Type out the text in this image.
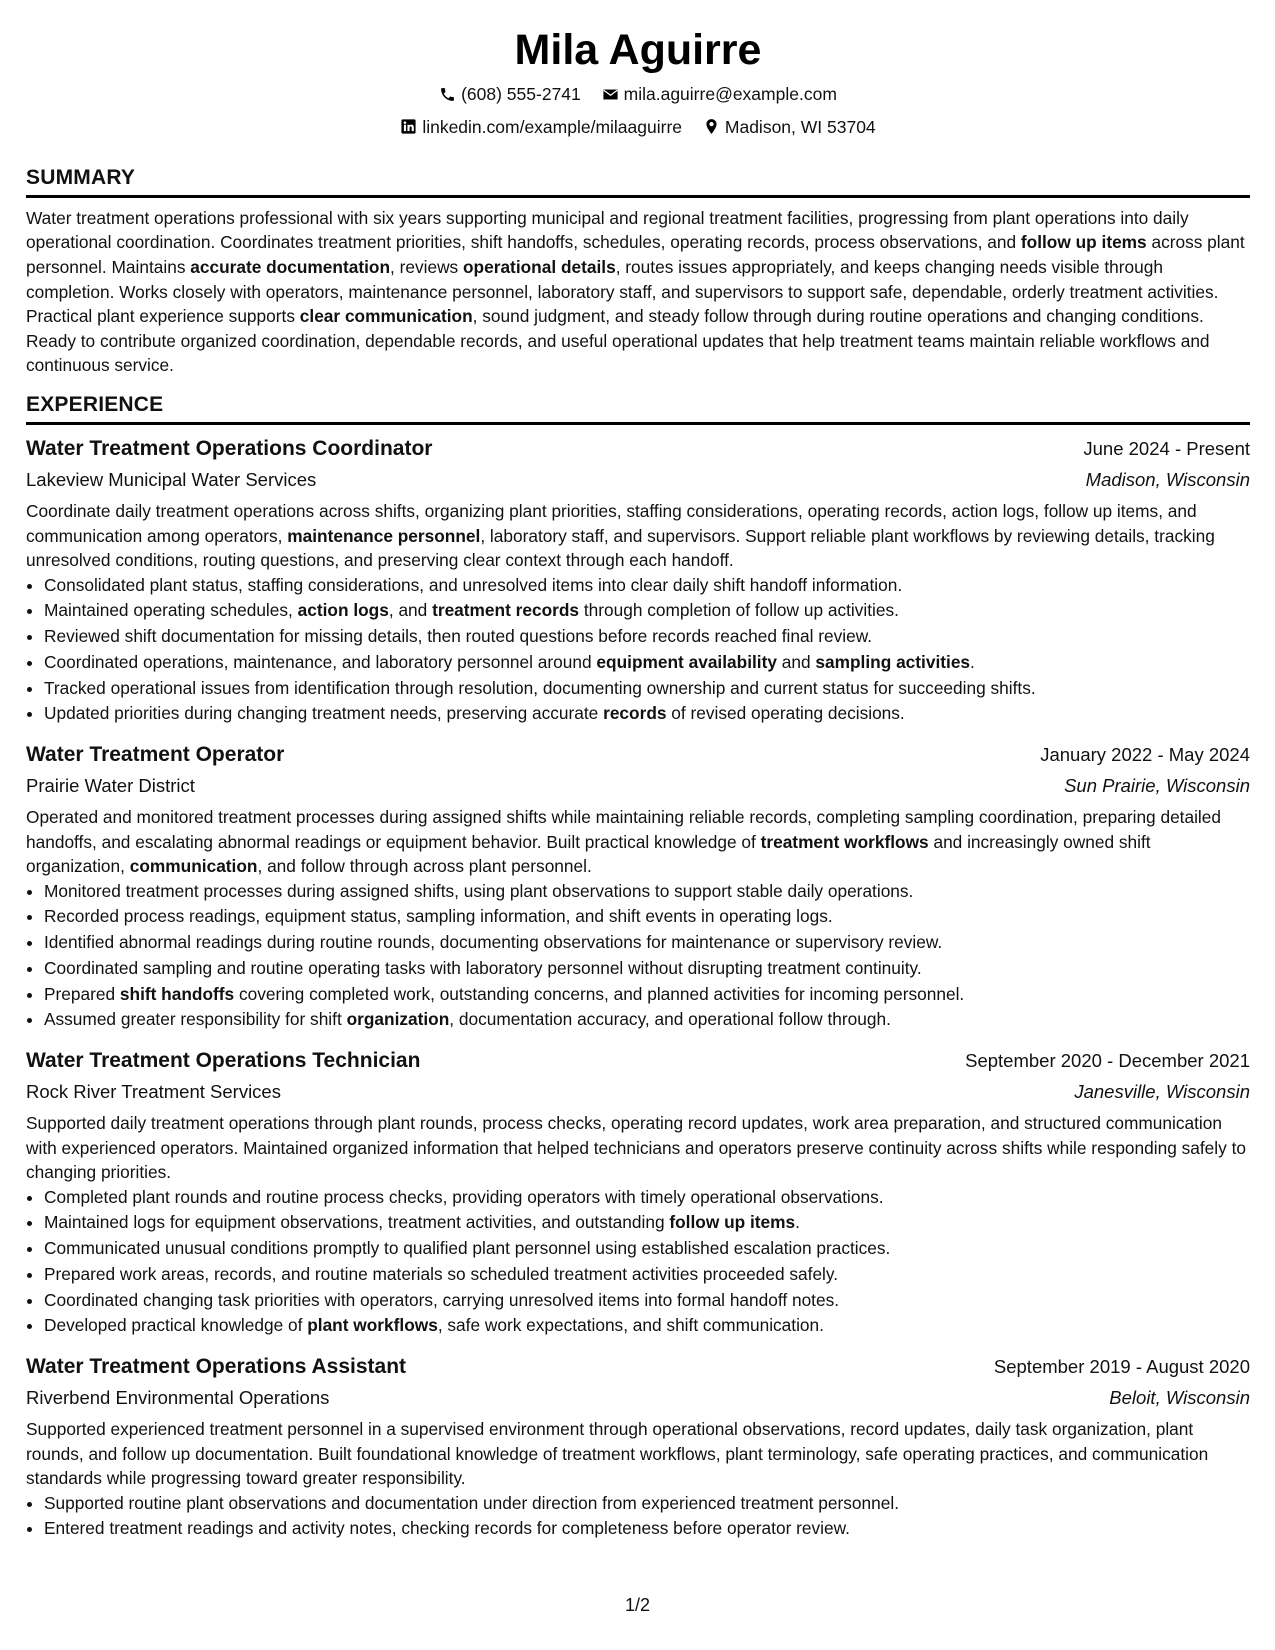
Mila Aguirre
(608) 555-2741
mila.aguirre@example.com
linkedin.com/example/milaaguirre
Madison, WI 53704
SUMMARY

Water treatment operations professional with six years supporting municipal and regional treatment facilities, progressing from plant operations into daily operational coordination. Coordinates treatment priorities, shift handoffs, schedules, operating records, process observations, and follow up items across plant personnel. Maintains accurate documentation, reviews operational details, routes issues appropriately, and keeps changing needs visible through completion. Works closely with operators, maintenance personnel, laboratory staff, and supervisors to support safe, dependable, orderly treatment activities. Practical plant experience supports clear communication, sound judgment, and steady follow through during routine operations and changing conditions. Ready to contribute organized coordination, dependable records, and useful operational updates that help treatment teams maintain reliable workflows and continuous service.

EXPERIENCE
Water Treatment Operations Coordinator	June 2024 - Present
Lakeview Municipal Water Services	Madison, Wisconsin

Coordinate daily treatment operations across shifts, organizing plant priorities, staffing considerations, operating records, action logs, follow up items, and communication among operators, maintenance personnel, laboratory staff, and supervisors. Support reliable plant workflows by reviewing details, tracking unresolved conditions, routing questions, and preserving clear context through each handoff.

• Consolidated plant status, staffing considerations, and unresolved items into clear daily shift handoff information.
• Maintained operating schedules, action logs, and treatment records through completion of follow up activities.
• Reviewed shift documentation for missing details, then routed questions before records reached final review.
• Coordinated operations, maintenance, and laboratory personnel around equipment availability and sampling activities.
• Tracked operational issues from identification through resolution, documenting ownership and current status for succeeding shifts.
• Updated priorities during changing treatment needs, preserving accurate records of revised operating decisions.
Water Treatment Operator	January 2022 - May 2024
Prairie Water District	Sun Prairie, Wisconsin

Operated and monitored treatment processes during assigned shifts while maintaining reliable records, completing sampling coordination, preparing detailed handoffs, and escalating abnormal readings or equipment behavior. Built practical knowledge of treatment workflows and increasingly owned shift organization, communication, and follow through across plant personnel.

• Monitored treatment processes during assigned shifts, using plant observations to support stable daily operations.
• Recorded process readings, equipment status, sampling information, and shift events in operating logs.
• Identified abnormal readings during routine rounds, documenting observations for maintenance or supervisory review.
• Coordinated sampling and routine operating tasks with laboratory personnel without disrupting treatment continuity.
• Prepared shift handoffs covering completed work, outstanding concerns, and planned activities for incoming personnel.
• Assumed greater responsibility for shift organization, documentation accuracy, and operational follow through.
Water Treatment Operations Technician	September 2020 - December 2021
Rock River Treatment Services	Janesville, Wisconsin

Supported daily treatment operations through plant rounds, process checks, operating record updates, work area preparation, and structured communication with experienced operators. Maintained organized information that helped technicians and operators preserve continuity across shifts while responding safely to changing priorities.

• Completed plant rounds and routine process checks, providing operators with timely operational observations.
• Maintained logs for equipment observations, treatment activities, and outstanding follow up items.
• Communicated unusual conditions promptly to qualified plant personnel using established escalation practices.
• Prepared work areas, records, and routine materials so scheduled treatment activities proceeded safely.
• Coordinated changing task priorities with operators, carrying unresolved items into formal handoff notes.
• Developed practical knowledge of plant workflows, safe work expectations, and shift communication.
Water Treatment Operations Assistant	September 2019 - August 2020
Riverbend Environmental Operations	Beloit, Wisconsin

Supported experienced treatment personnel in a supervised environment through operational observations, record updates, daily task organization, plant rounds, and follow up documentation. Built foundational knowledge of treatment workflows, plant terminology, safe operating practices, and communication standards while progressing toward greater responsibility.

• Supported routine plant observations and documentation under direction from experienced treatment personnel.
• Entered treatment readings and activity notes, checking records for completeness before operator review.
1/2
